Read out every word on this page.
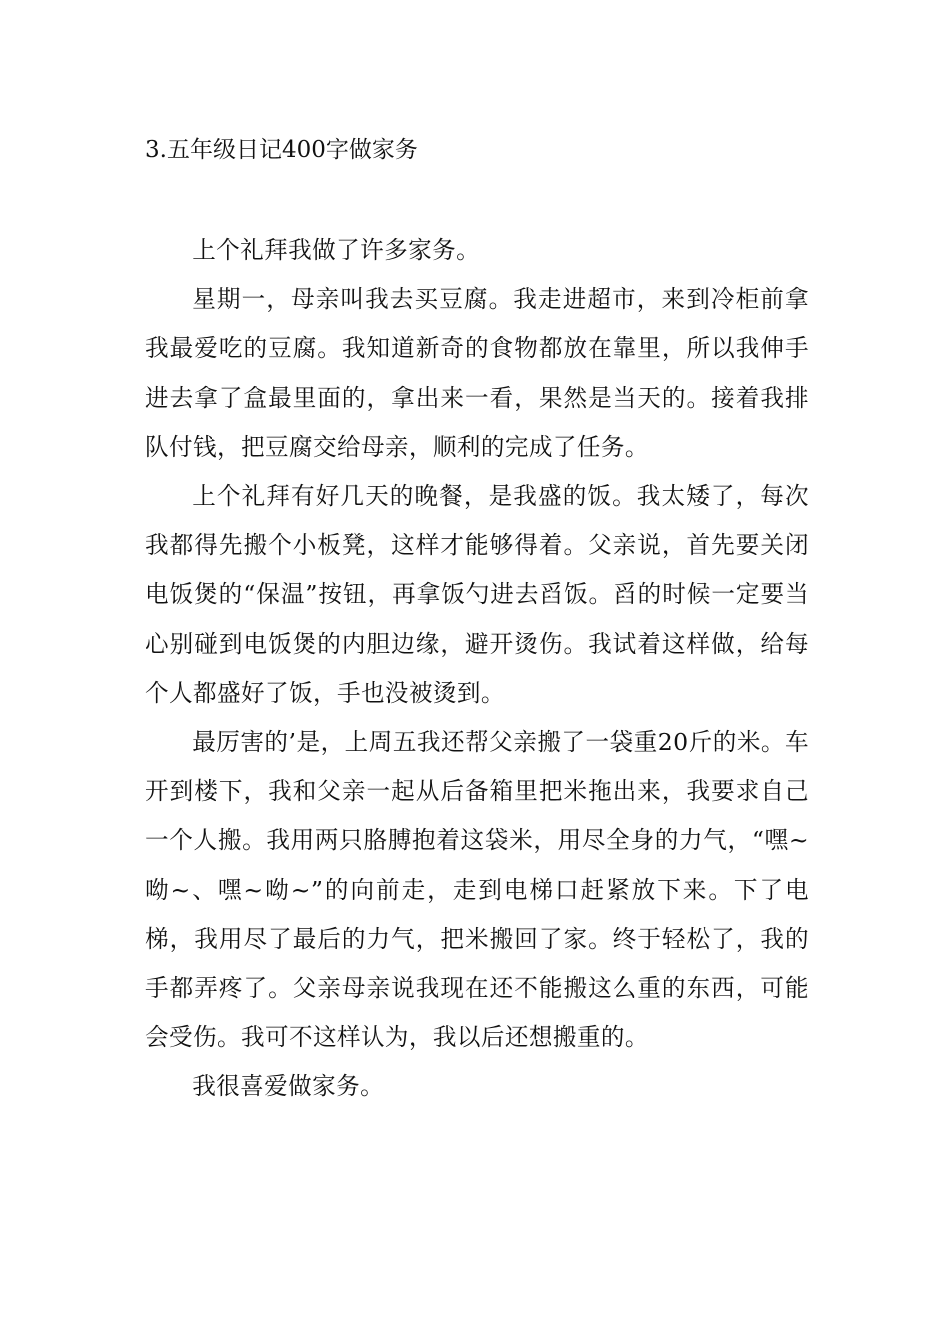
3.五年级日记400字做家务

上个礼拜我做了许多家务。

星期一，母亲叫我去买豆腐。我走进超市，来到冷柜前拿我最爱吃的豆腐。我知道新奇的食物都放在靠里，所以我伸手进去拿了盒最里面的，拿出来一看，果然是当天的。接着我排队付钱，把豆腐交给母亲，顺利的完成了任务。

上个礼拜有好几天的晚餐，是我盛的饭。我太矮了，每次我都得先搬个小板凳，这样才能够得着。父亲说，首先要关闭电饭煲的“保温”按钮，再拿饭勺进去舀饭。舀的时候一定要当心别碰到电饭煲的内胆边缘，避开烫伤。我试着这样做，给每个人都盛好了饭，手也没被烫到。

最厉害的’是，上周五我还帮父亲搬了一袋重20斤的米。车开到楼下，我和父亲一起从后备箱里把米拖出来，我要求自己一个人搬。我用两只胳膊抱着这袋米，用尽全身的力气，“嘿~呦~、嘿~呦~”的向前走，走到电梯口赶紧放下来。下了电梯，我用尽了最后的力气，把米搬回了家。终于轻松了，我的手都弄疼了。父亲母亲说我现在还不能搬这么重的东西，可能会受伤。我可不这样认为，我以后还想搬重的。

我很喜爱做家务。
